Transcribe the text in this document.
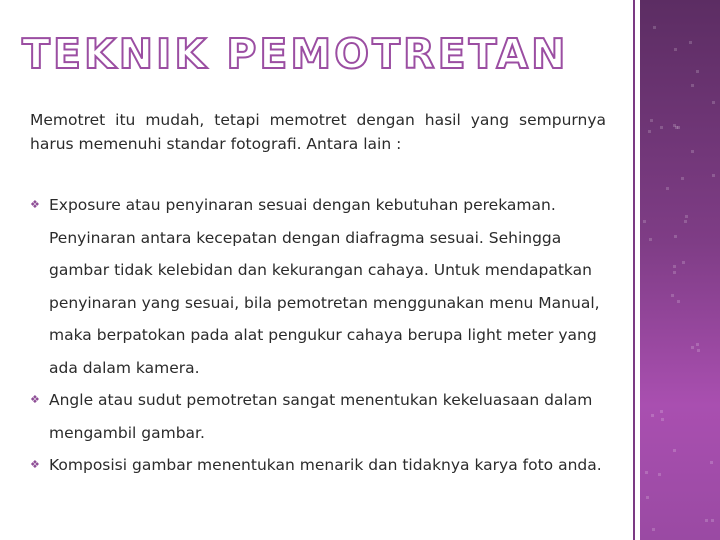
TEKNIK PEMOTRETAN

Memotret itu mudah, tetapi memotret dengan hasil yang sempurnya harus memenuhi standar fotografi. Antara lain :

❖ Exposure atau penyinaran sesuai dengan kebutuhan perekaman. Penyinaran antara kecepatan dengan diafragma sesuai. Sehingga gambar tidak kelebidan dan kekurangan cahaya. Untuk mendapatkan penyinaran yang sesuai, bila pemotretan menggunakan menu Manual, maka berpatokan pada alat pengukur cahaya berupa light meter yang ada dalam kamera.
❖ Angle atau sudut pemotretan sangat menentukan kekeluasaan dalam mengambil gambar.
❖ Komposisi gambar menentukan menarik dan tidaknya karya foto anda.
